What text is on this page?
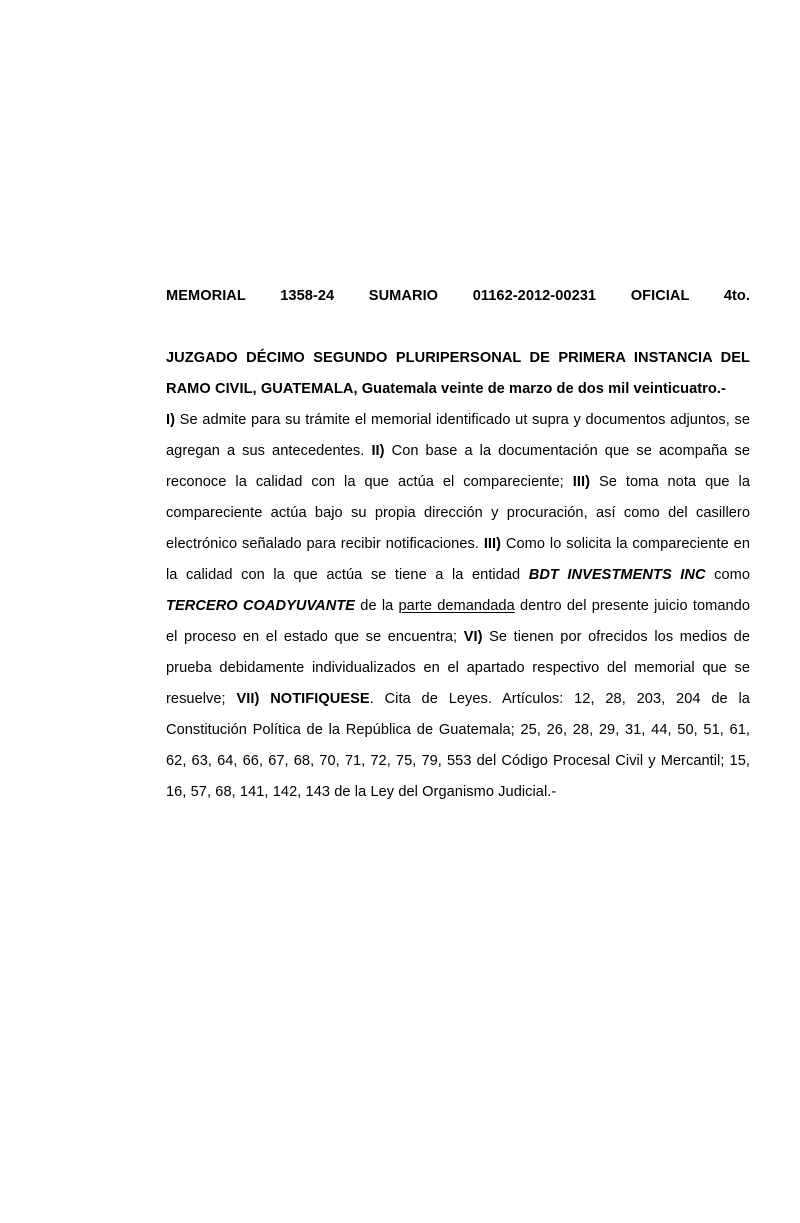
MEMORIAL 1358-24 SUMARIO 01162-2012-00231 OFICIAL 4to.

JUZGADO DÉCIMO SEGUNDO PLURIPERSONAL DE PRIMERA INSTANCIA DEL RAMO CIVIL, GUATEMALA, Guatemala veinte de marzo de dos mil veinticuatro.-

I) Se admite para su trámite el memorial identificado ut supra y documentos adjuntos, se agregan a sus antecedentes. II) Con base a la documentación que se acompaña se reconoce la calidad con la que actúa el compareciente; III) Se toma nota que la compareciente actúa bajo su propia dirección y procuración, así como del casillero electrónico señalado para recibir notificaciones. III) Como lo solicita la compareciente en la calidad con la que actúa se tiene a la entidad BDT INVESTMENTS INC como TERCERO COADYUVANTE de la parte demandada dentro del presente juicio tomando el proceso en el estado que se encuentra; VI) Se tienen por ofrecidos los medios de prueba debidamente individualizados en el apartado respectivo del memorial que se resuelve; VII) NOTIFIQUESE. Cita de Leyes. Artículos: 12, 28, 203, 204 de la Constitución Política de la República de Guatemala; 25, 26, 28, 29, 31, 44, 50, 51, 61, 62, 63, 64, 66, 67, 68, 70, 71, 72, 75, 79, 553 del Código Procesal Civil y Mercantil; 15, 16, 57, 68, 141, 142, 143 de la Ley del Organismo Judicial.-
